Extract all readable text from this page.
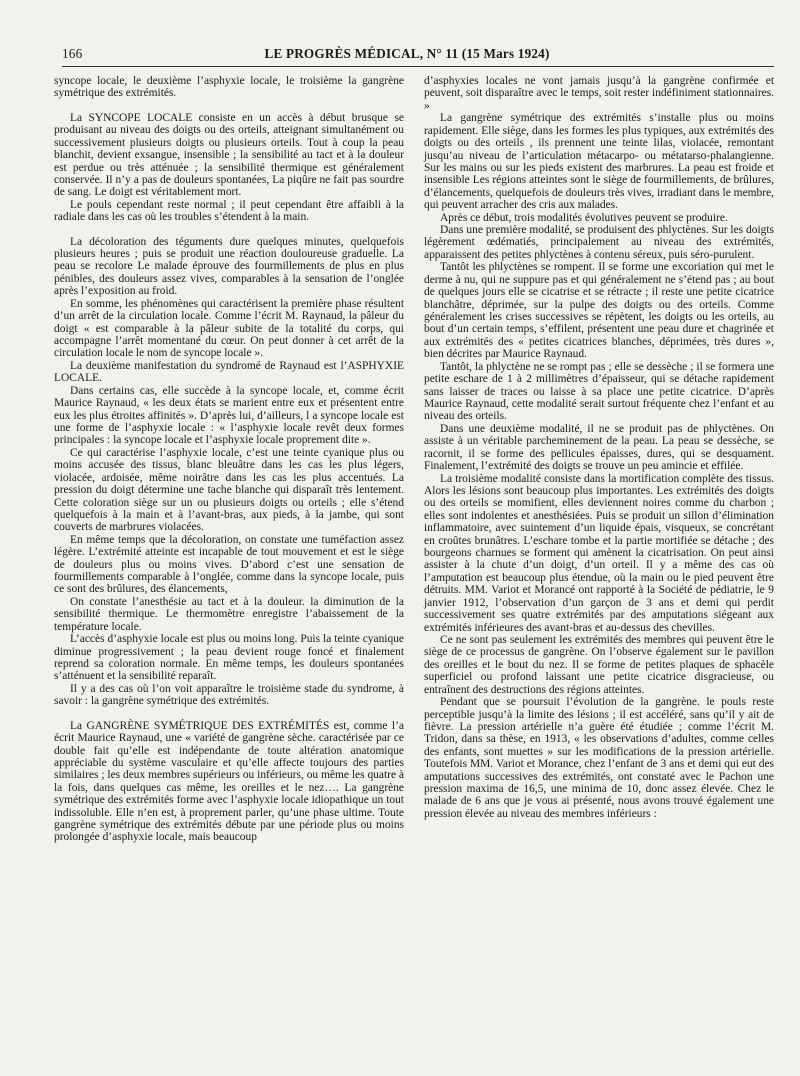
166	LE PROGRÈS MÉDICAL, N° 11 (15 Mars 1924)

syncope locale, le deuxième l’asphyxie locale, le troisième la gangrène symétrique des extrémités.

La SYNCOPE LOCALE consiste en un accès à début brusque se produisant au niveau des doigts ou des orteils, atteignant simultanément ou successivement plusieurs doigts ou plusieurs orteils. Tout à coup la peau blanchit, devient exsangue, insensible ; la sensibilité au tact et à la douleur est perdue ou très atténuée ; la sensibilité thermique est généralement conservée. Il n’y a pas de douleurs spontanées, La piqûre ne fait pas sourdre de sang. Le doigt est véritablement mort.

Le pouls cependant reste normal ; il peut cependant être affaibli à la radiale dans les cas où les troubles s’étendent à la main.

La décoloration des téguments dure quelques minutes, quelquefois plusieurs heures ; puis se produit une réaction douloureuse graduelle. La peau se recolore Le malade éprouve des fourmillements de plus en plus pénibles, des douleurs assez vives, comparables à la sensation de l’onglée après l’exposition au froid.

En somme, les phénomènes qui caractérisent la première phase résultent d’un arrêt de la circulation locale. Comme l’écrit M. Raynaud, la pâleur du doigt « est comparable à la pâleur subite de la totalité du corps, qui accompagne l’arrêt momentané du cœur. On peut donner à cet arrêt de la circulation locale le nom de syncope locale ».

La deuxième manifestation du syndromé de Raynaud est l’ASPHYXIE LOCALE.

Dans certains cas, elle succède à la syncope locale, et, comme écrit Maurice Raynaud, « les deux états se marient entre eux et présentent entre eux les plus étroites affinités ». D’après lui, d’ailleurs, l a syncope locale est une forme de l’asphyxie locale : « l’asphyxie locale revêt deux formes principales : la syncope locale et l’asphyxie locale proprement dite ».

Ce qui caractérise l’asphyxie locale, c’est une teinte cyanique plus ou moins accusée des tissus, blanc bleuâtre dans les cas les plus légers, violacée, ardoisée, même noirâtre dans les cas les plus accentués. La pression du doigt détermine une tache blanche qui disparaît très lentement. Cette coloration siège sur un ou plusieurs doigts ou orteils ; elle s’étend quelquefois à la main et à l’avant-bras, aux pieds, à la jambe, qui sont couverts de marbrures violacées.

En même temps que la décoloration, on constate une tuméfaction assez légère. L’extrémité atteinte est incapable de tout mouvement et est le siège de douleurs plus ou moins vives. D’abord c’est une sensation de fourmillements comparable à l’onglée, comme dans la syncope locale, puis ce sont des brûlures, des élancements,

On constate l’anesthésie au tact et à la douleur. la diminution de la sensibilité thermique. Le thermomètre enregistre l’abaissement de la température locale.

L’accès d’asphyxie locale est plus ou moins long. Puis la teinte cyanique diminue progressivement ; la peau devient rouge foncé et finalement reprend sa coloration normale. En même temps, les douleurs spontanées s’atténuent et la sensibilité reparaît.

Il y a des cas où l’on voit apparaître le troisième stade du syndrome, à savoir : la gangrène symétrique des extrémités.

La GANGRÈNE SYMÉTRIQUE DES EXTRÉMITÉS est, comme l’a écrit Maurice Raynaud, une « variété de gangrène sèche. caractérisée par ce double fait qu’elle est indépendante de toute altération anatomique appréciable du système vasculaire et qu’elle affecte toujours des parties similaires ; les deux membres supérieurs ou inférieurs, ou même les quatre à la fois, dans quelques cas même, les oreilles et le nez…. La gangrène symétrique des extrémités forme avec l’asphyxie locale idiopathique un tout indissoluble. Elle n’en est, à proprement parler, qu’une phase ultime. Toute gangrène symétrique des extrémités débute par une période plus ou moins prolongée d’asphyxie locale, mais beaucoup

d’asphyxies locales ne vont jamais jusqu’à la gangrène confirmée et peuvent, soit disparaître avec le temps, soit rester indéfiniment stationnaires. »

La gangrène symétrique des extrémités s’installe plus ou moins rapidement. Elle siège, dans les formes les plus typiques, aux extrémités des doigts ou des orteils , ils prennent une teinte lilas, violacée, remontant jusqu’au niveau de l’articulation métacarpo- ou métatarso-phalangienne. Sur les mains ou sur les pieds existent des marbrures. La peau est froide et insensible Les régions atteintes sont le siège de fourmillements, de brûlures, d’élancements, quelquefois de douleurs très vives, irradiant dans le membre, qui peuvent arracher des cris aux malades.

Après ce début, trois modalités évolutives peuvent se produire.

Dans une première modalité, se produisent des phlyctènes. Sur les doigts légèrement œdématiés, principalement au niveau des extrémités, apparaissent des petites phlyctènes à contenu séreux, puis séro-purulent.

Tantôt les phlyctènes se rompent. Il se forme une excoriation qui met le derme à nu, qui ne suppure pas et qui généralement ne s’étend pas ; au bout de quelques jours elle se cicatrise et se rétracte ; il reste une petite cicatrice blanchâtre, déprimée, sur la pulpe des doigts ou des orteils. Comme généralement les crises successives se répètent, les doigts ou les orteils, au bout d’un certain temps, s’effilent, présentent une peau dure et chagrinée et aux extrémités des « petites cicatrices blanches, déprimées, très dures », bien décrites par Maurice Raynaud.

Tantôt, la phlyctène ne se rompt pas ; elle se dessèche ; il se formera une petite eschare de 1 à 2 millimètres d’épaisseur, qui se détache rapidement sans laisser de traces ou laisse à sa place une petite cicatrice. D’après Maurice Raynaud, cette modalité serait surtout fréquente chez l’enfant et au niveau des orteils.

Dans une deuxième modalité, il ne se produit pas de phlyctènes. On assiste à un véritable parcheminement de la peau. La peau se dessèche, se racornit, il se forme des pellicules épaisses, dures, qui se desquament. Finalement, l’extrémité des doigts se trouve un peu amincie et effilée.

La troisième modalité consiste dans la mortification complète des tissus. Alors les lésions sont beaucoup plus importantes. Les extrémités des doigts ou des orteils se momifient, elles deviennent noires comme du charbon ; elles sont indolentes et anesthésiées. Puis se produit un sillon d’élimination inflammatoire, avec suintement d’un liquide épais, visqueux, se concrétant en croûtes brunâtres. L’eschare tombe et la partie mortifiée se détache ; des bourgeons charnues se forment qui amènent la cicatrisation. On peut ainsi assister à la chute d’un doigt, d’un orteil. Il y a même des cas où l’amputation est beaucoup plus étendue, où la main ou le pied peuvent être détruits. MM. Variot et Morancé ont rapporté à la Société de pédiatrie, le 9 janvier 1912, l’observation d’un garçon de 3 ans et demi qui perdit successivement ses quatre extrémités par des amputations siégeant aux extrémités inférieures des avant-bras et au-dessus des chevilles.

Ce ne sont pas seulement les extrémités des membres qui peuvent être le siège de ce processus de gangrène. On l’observe également sur le pavillon des oreilles et le bout du nez. Il se forme de petites plaques de sphacèle superficiel ou profond laissant une petite cicatrice disgracieuse, ou entraînent des destructions des régions atteintes.

Pendant que se poursuit l’évolution de la gangrène. le pouls reste perceptible jusqu’à la limite des lésions ; il est accéléré, sans qu’il y ait de fièvre. La pression artérielle n’a guère été étudiée ; comme l’écrit M. Tridon, dans sa thèse, en 1913, « les observations d’adultes, comme celles des enfants, sont muettes » sur les modifications de la pression artérielle. Toutefois MM. Variot et Morance, chez l’enfant de 3 ans et demi qui eut des amputations successives des extrémités, ont constaté avec le Pachon une pression maxima de 16,5, une minima de 10, donc assez élevée. Chez le malade de 6 ans que je vous ai présenté, nous avons trouvé également une pression élevée au niveau des membres inférieurs :
